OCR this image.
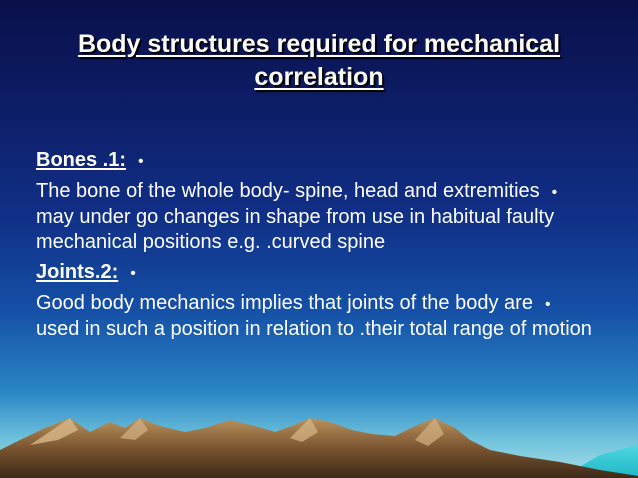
Body structures required for mechanical correlation
•:Bones .1
•The bone of the whole body- spine, head and extremities may under go changes in shape from use in habitual faulty mechanical positions e.g. .curved spine
•:Joints.2
•Good body mechanics implies that joints of the body are used in such a position in relation to .their total range of motion
